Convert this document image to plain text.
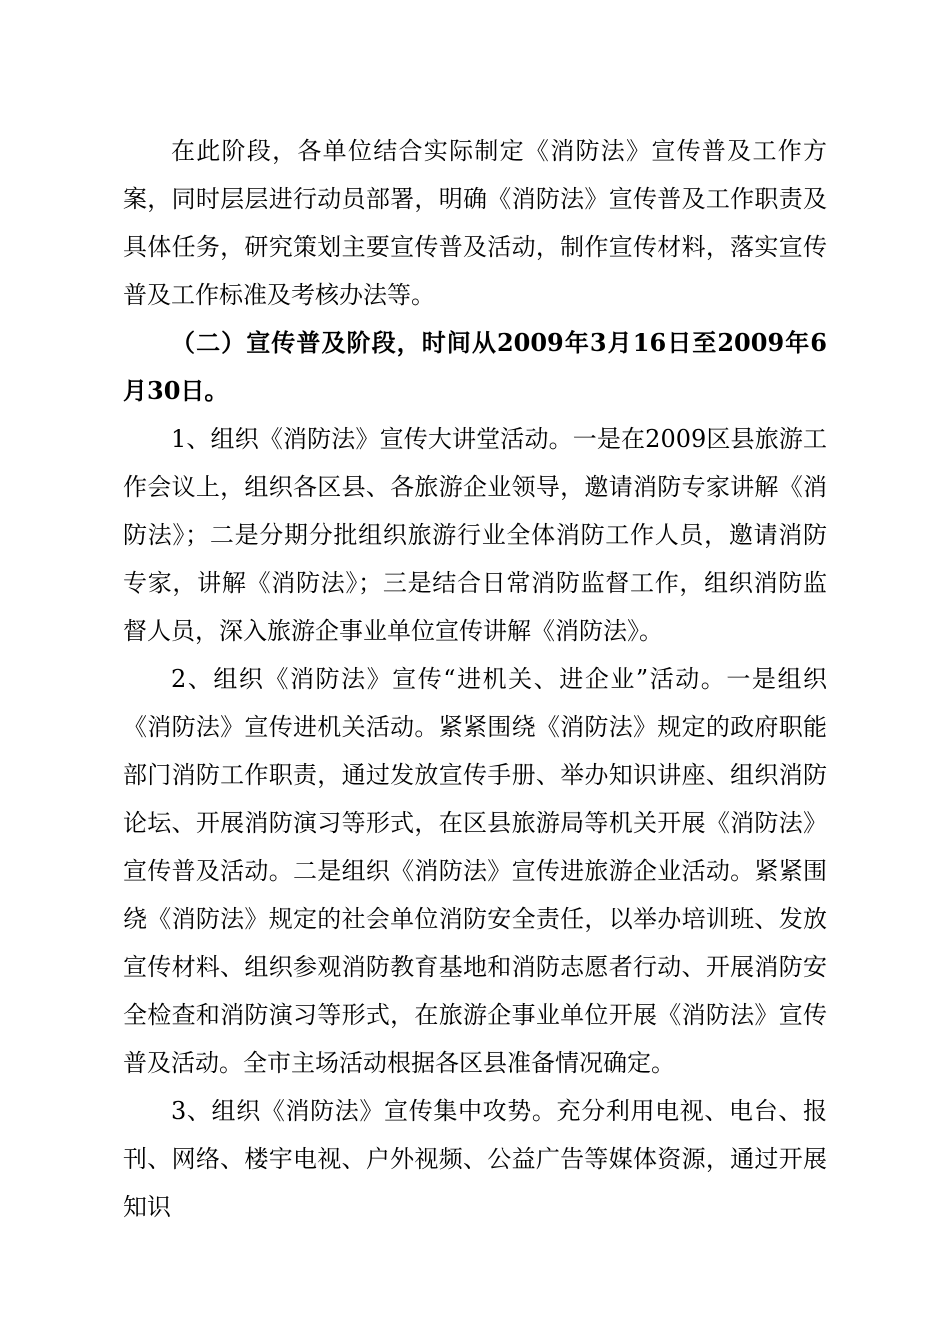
在此阶段，各单位结合实际制定《消防法》宣传普及工作方案，同时层层进行动员部署，明确《消防法》宣传普及工作职责及具体任务，研究策划主要宣传普及活动，制作宣传材料，落实宣传普及工作标准及考核办法等。

（二）宣传普及阶段，时间从2009年3月16日至2009年6月30日。

1、组织《消防法》宣传大讲堂活动。一是在2009区县旅游工作会议上，组织各区县、各旅游企业领导，邀请消防专家讲解《消防法》；二是分期分批组织旅游行业全体消防工作人员，邀请消防专家，讲解《消防法》；三是结合日常消防监督工作，组织消防监督人员，深入旅游企事业单位宣传讲解《消防法》。

2、组织《消防法》宣传“进机关、进企业”活动。一是组织《消防法》宣传进机关活动。紧紧围绕《消防法》规定的政府职能部门消防工作职责，通过发放宣传手册、举办知识讲座、组织消防论坛、开展消防演习等形式，在区县旅游局等机关开展《消防法》宣传普及活动。二是组织《消防法》宣传进旅游企业活动。紧紧围绕《消防法》规定的社会单位消防安全责任，以举办培训班、发放宣传材料、组织参观消防教育基地和消防志愿者行动、开展消防安全检查和消防演习等形式，在旅游企事业单位开展《消防法》宣传普及活动。全市主场活动根据各区县准备情况确定。

3、组织《消防法》宣传集中攻势。充分利用电视、电台、报刊、网络、楼宇电视、户外视频、公益广告等媒体资源，通过开展知识
